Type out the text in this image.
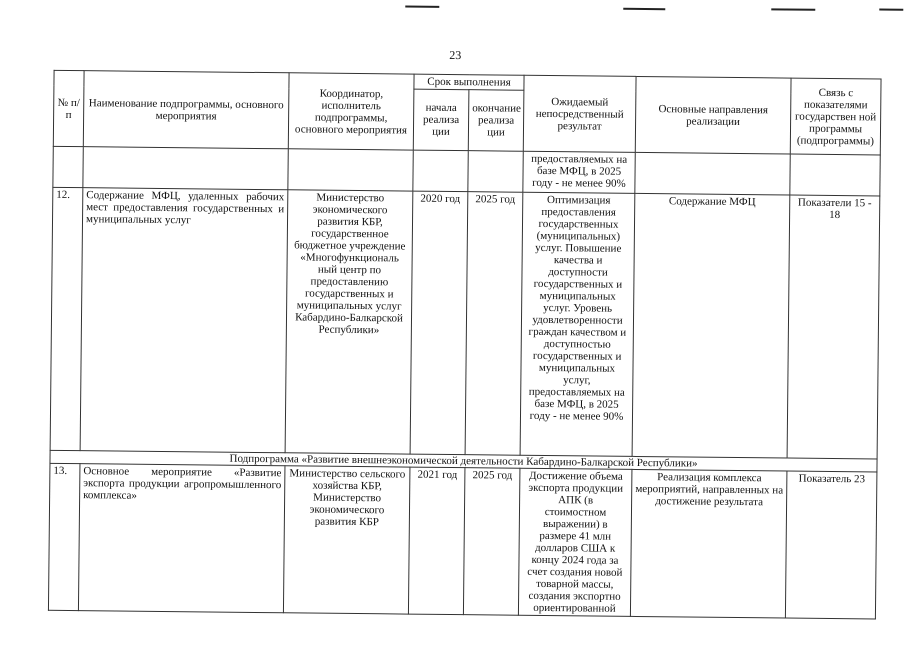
23
№ п/п	Наименование подпрограммы, основного мероприятия	Координатор, исполнитель подпрограммы, основного мероприятия	Срок выполнения		Ожидаемый непосредственный результат	Основные направления реализации	Связь с показателями государствен ной программы (подпрограммы)
			начала реализа ции	окончание реализа ции			
					предоставляемых на базе МФЦ, в 2025 году - не менее 90%		
12.	Содержание МФЦ, удаленных рабочих мест предоставления государственных и муниципальных услуг	Министерство экономического развития КБР, государственное бюджетное учреждение «Многофункциональ ный центр по предоставлению государственных и муниципальных услуг Кабардино-Балкарской Республики»	2020 год	2025 год	Оптимизация предоставления государственных (муниципальных) услуг. Повышение качества и доступности государственных и муниципальных услуг. Уровень удовлетворенности граждан качеством и доступностью государственных и муниципальных услуг, предоставляемых на базе МФЦ, в 2025 году - не менее 90%	Содержание МФЦ	Показатели 15 - 18
Подпрограмма «Развитие внешнеэкономической деятельности Кабардино-Балкарской Республики»							
13.	Основное мероприятие «Развитие экспорта продукции агропромышленного комплекса»	Министерство сельского хозяйства КБР, Министерство экономического развития КБР	2021 год	2025 год	Достижение объема экспорта продукции АПК (в стоимостном выражении) в размере 41 млн долларов США к концу 2024 года за счет создания новой товарной массы, создания экспортно ориентированной	Реализация комплекса мероприятий, направленных на достижение результата	Показатель 23
